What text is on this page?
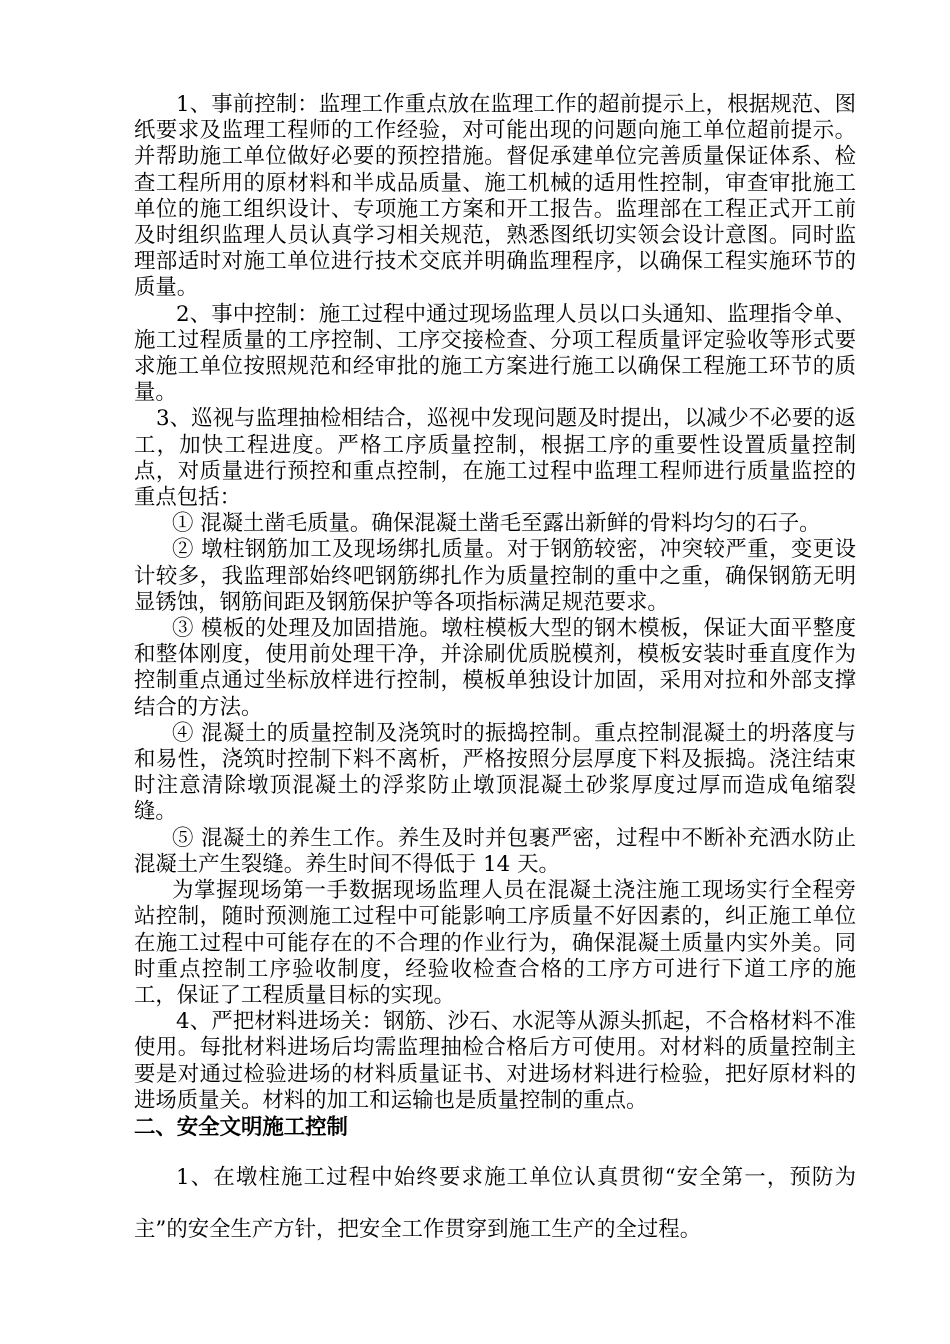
1、事前控制：监理工作重点放在监理工作的超前提示上，根据规范、图纸要求及监理工程师的工作经验，对可能出现的问题向施工单位超前提示。并帮助施工单位做好必要的预控措施。督促承建单位完善质量保证体系、检查工程所用的原材料和半成品质量、施工机械的适用性控制，审查审批施工单位的施工组织设计、专项施工方案和开工报告。监理部在工程正式开工前及时组织监理人员认真学习相关规范，熟悉图纸切实领会设计意图。同时监理部适时对施工单位进行技术交底并明确监理程序，以确保工程实施环节的质量。

2、事中控制：施工过程中通过现场监理人员以口头通知、监理指令单、施工过程质量的工序控制、工序交接检查、分项工程质量评定验收等形式要求施工单位按照规范和经审批的施工方案进行施工以确保工程施工环节的质量。

3、巡视与监理抽检相结合，巡视中发现问题及时提出，以减少不必要的返工，加快工程进度。严格工序质量控制，根据工序的重要性设置质量控制点，对质量进行预控和重点控制，在施工过程中监理工程师进行质量监控的重点包括：

① 混凝土凿毛质量。确保混凝土凿毛至露出新鲜的骨料均匀的石子。

② 墩柱钢筋加工及现场绑扎质量。对于钢筋较密，冲突较严重，变更设计较多，我监理部始终吧钢筋绑扎作为质量控制的重中之重，确保钢筋无明显锈蚀，钢筋间距及钢筋保护等各项指标满足规范要求。

③ 模板的处理及加固措施。墩柱模板大型的钢木模板，保证大面平整度和整体刚度，使用前处理干净，并涂刷优质脱模剂，模板安装时垂直度作为控制重点通过坐标放样进行控制，模板单独设计加固，采用对拉和外部支撑结合的方法。

④ 混凝土的质量控制及浇筑时的振捣控制。重点控制混凝土的坍落度与和易性，浇筑时控制下料不离析，严格按照分层厚度下料及振捣。浇注结束时注意清除墩顶混凝土的浮浆防止墩顶混凝土砂浆厚度过厚而造成龟缩裂缝。

⑤ 混凝土的养生工作。养生及时并包裹严密，过程中不断补充洒水防止混凝土产生裂缝。养生时间不得低于 14 天。

为掌握现场第一手数据现场监理人员在混凝土浇注施工现场实行全程旁站控制，随时预测施工过程中可能影响工序质量不好因素的，纠正施工单位在施工过程中可能存在的不合理的作业行为，确保混凝土质量内实外美。同时重点控制工序验收制度，经验收检查合格的工序方可进行下道工序的施工，保证了工程质量目标的实现。

4、严把材料进场关：钢筋、沙石、水泥等从源头抓起，不合格材料不准使用。每批材料进场后均需监理抽检合格后方可使用。对材料的质量控制主要是对通过检验进场的材料质量证书、对进场材料进行检验，把好原材料的进场质量关。材料的加工和运输也是质量控制的重点。

二、安全文明施工控制

1、在墩柱施工过程中始终要求施工单位认真贯彻“安全第一，预防为主”的安全生产方针，把安全工作贯穿到施工生产的全过程。
